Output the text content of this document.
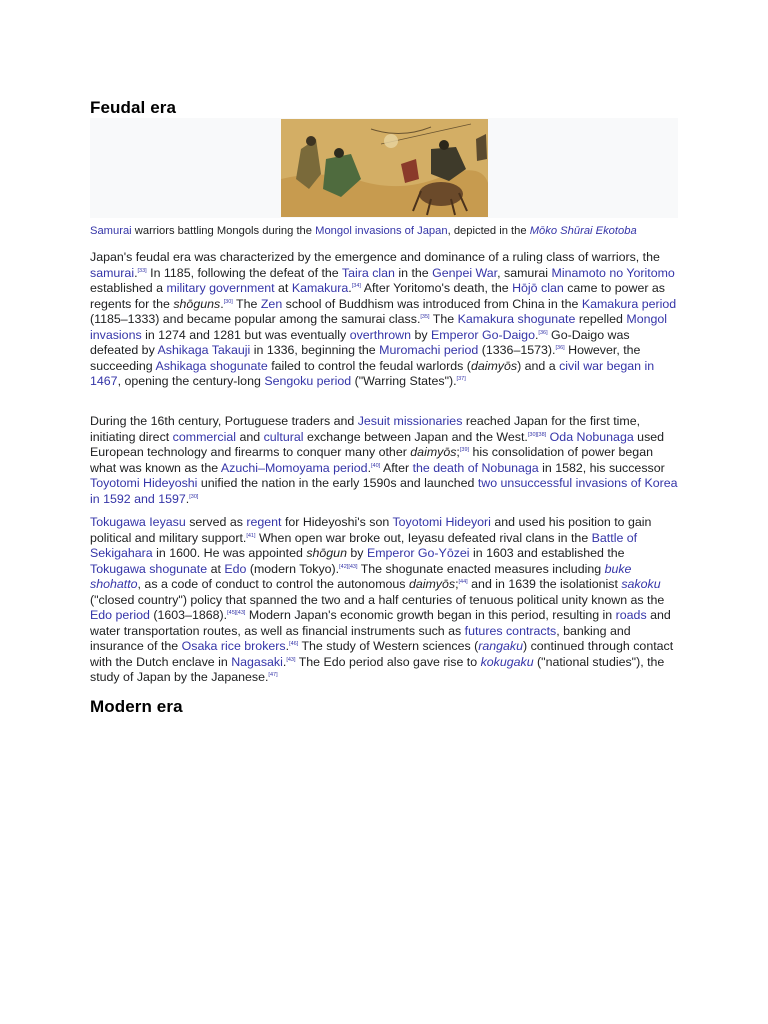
Feudal era
Samurai warriors battling Mongols during the Mongol invasions of Japan, depicted in the Mōko Shūrai Ekotoba

Japan's feudal era was characterized by the emergence and dominance of a ruling class of warriors, the samurai.[33] In 1185, following the defeat of the Taira clan in the Genpei War, samurai Minamoto no Yoritomo established a military government at Kamakura.[34] After Yoritomo's death, the Hōjō clan came to power as regents for the shōguns.[30] The Zen school of Buddhism was introduced from China in the Kamakura period (1185–1333) and became popular among the samurai class.[35] The Kamakura shogunate repelled Mongol invasions in 1274 and 1281 but was eventually overthrown by Emperor Go-Daigo.[36] Go-Daigo was defeated by Ashikaga Takauji in 1336, beginning the Muromachi period (1336–1573).[36] However, the succeeding Ashikaga shogunate failed to control the feudal warlords (daimyōs) and a civil war began in 1467, opening the century-long Sengoku period ("Warring States").[37]

During the 16th century, Portuguese traders and Jesuit missionaries reached Japan for the first time, initiating direct commercial and cultural exchange between Japan and the West.[30][38] Oda Nobunaga used European technology and firearms to conquer many other daimyōs;[39] his consolidation of power began what was known as the Azuchi–Momoyama period.[40] After the death of Nobunaga in 1582, his successor Toyotomi Hideyoshi unified the nation in the early 1590s and launched two unsuccessful invasions of Korea in 1592 and 1597.[30]

Tokugawa Ieyasu served as regent for Hideyoshi's son Toyotomi Hideyori and used his position to gain political and military support.[41] When open war broke out, Ieyasu defeated rival clans in the Battle of Sekigahara in 1600. He was appointed shōgun by Emperor Go-Yōzei in 1603 and established the Tokugawa shogunate at Edo (modern Tokyo).[42][43] The shogunate enacted measures including buke shohatto, as a code of conduct to control the autonomous daimyōs;[44] and in 1639 the isolationist sakoku ("closed country") policy that spanned the two and a half centuries of tenuous political unity known as the Edo period (1603–1868).[45][43] Modern Japan's economic growth began in this period, resulting in roads and water transportation routes, as well as financial instruments such as futures contracts, banking and insurance of the Osaka rice brokers.[46] The study of Western sciences (rangaku) continued through contact with the Dutch enclave in Nagasaki.[43] The Edo period also gave rise to kokugaku ("national studies"), the study of Japan by the Japanese.[47]

Modern era
